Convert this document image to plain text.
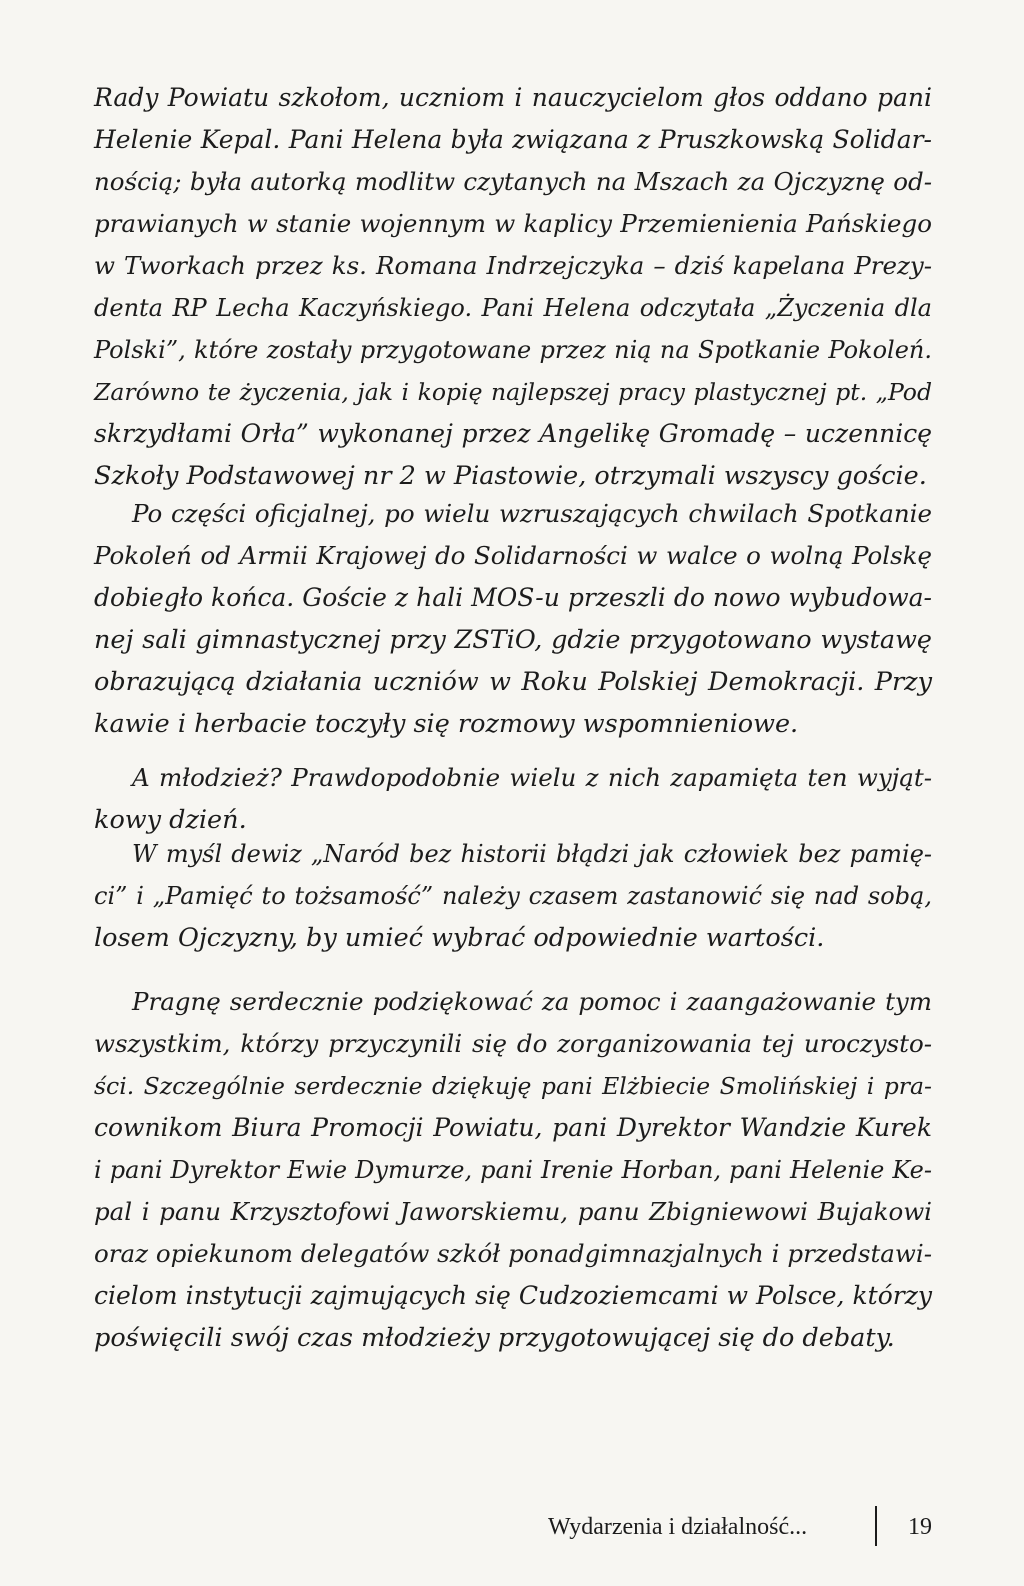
Rady Powiatu szkołom, uczniom i nauczycielom głos oddano pani
Helenie Kepal. Pani Helena była związana z Pruszkowską Solidar-
nością; była autorką modlitw czytanych na Mszach za Ojczyznę od-
prawianych w stanie wojennym w kaplicy Przemienienia Pańskiego
w Tworkach przez ks. Romana Indrzejczyka – dziś kapelana Prezy-
denta RP Lecha Kaczyńskiego. Pani Helena odczytała „Życzenia dla
Polski”, które zostały przygotowane przez nią na Spotkanie Pokoleń.
Zarówno te życzenia, jak i kopię najlepszej pracy plastycznej pt. „Pod
skrzydłami Orła” wykonanej przez Angelikę Gromadę – uczennicę
Szkoły Podstawowej nr 2 w Piastowie, otrzymali wszyscy goście.
Po części oficjalnej, po wielu wzruszających chwilach Spotkanie
Pokoleń od Armii Krajowej do Solidarności w walce o wolną Polskę
dobiegło końca. Goście z hali MOS-u przeszli do nowo wybudowa-
nej sali gimnastycznej przy ZSTiO, gdzie przygotowano wystawę
obrazującą działania uczniów w Roku Polskiej Demokracji. Przy
kawie i herbacie toczyły się rozmowy wspomnieniowe.
A młodzież? Prawdopodobnie wielu z nich zapamięta ten wyjąt-
kowy dzień.
W myśl dewiz „Naród bez historii błądzi jak człowiek bez pamię-
ci” i „Pamięć to tożsamość” należy czasem zastanowić się nad sobą,
losem Ojczyzny, by umieć wybrać odpowiednie wartości.
Pragnę serdecznie podziękować za pomoc i zaangażowanie tym
wszystkim, którzy przyczynili się do zorganizowania tej uroczysto-
ści. Szczególnie serdecznie dziękuję pani Elżbiecie Smolińskiej i pra-
cownikom Biura Promocji Powiatu, pani Dyrektor Wandzie Kurek
i pani Dyrektor Ewie Dymurze, pani Irenie Horban, pani Helenie Ke-
pal i panu Krzysztofowi Jaworskiemu, panu Zbigniewowi Bujakowi
oraz opiekunom delegatów szkół ponadgimnazjalnych i przedstawi-
cielom instytucji zajmujących się Cudzoziemcami w Polsce, którzy
poświęcili swój czas młodzieży przygotowującej się do debaty.
Wydarzenia i działalność...	19
